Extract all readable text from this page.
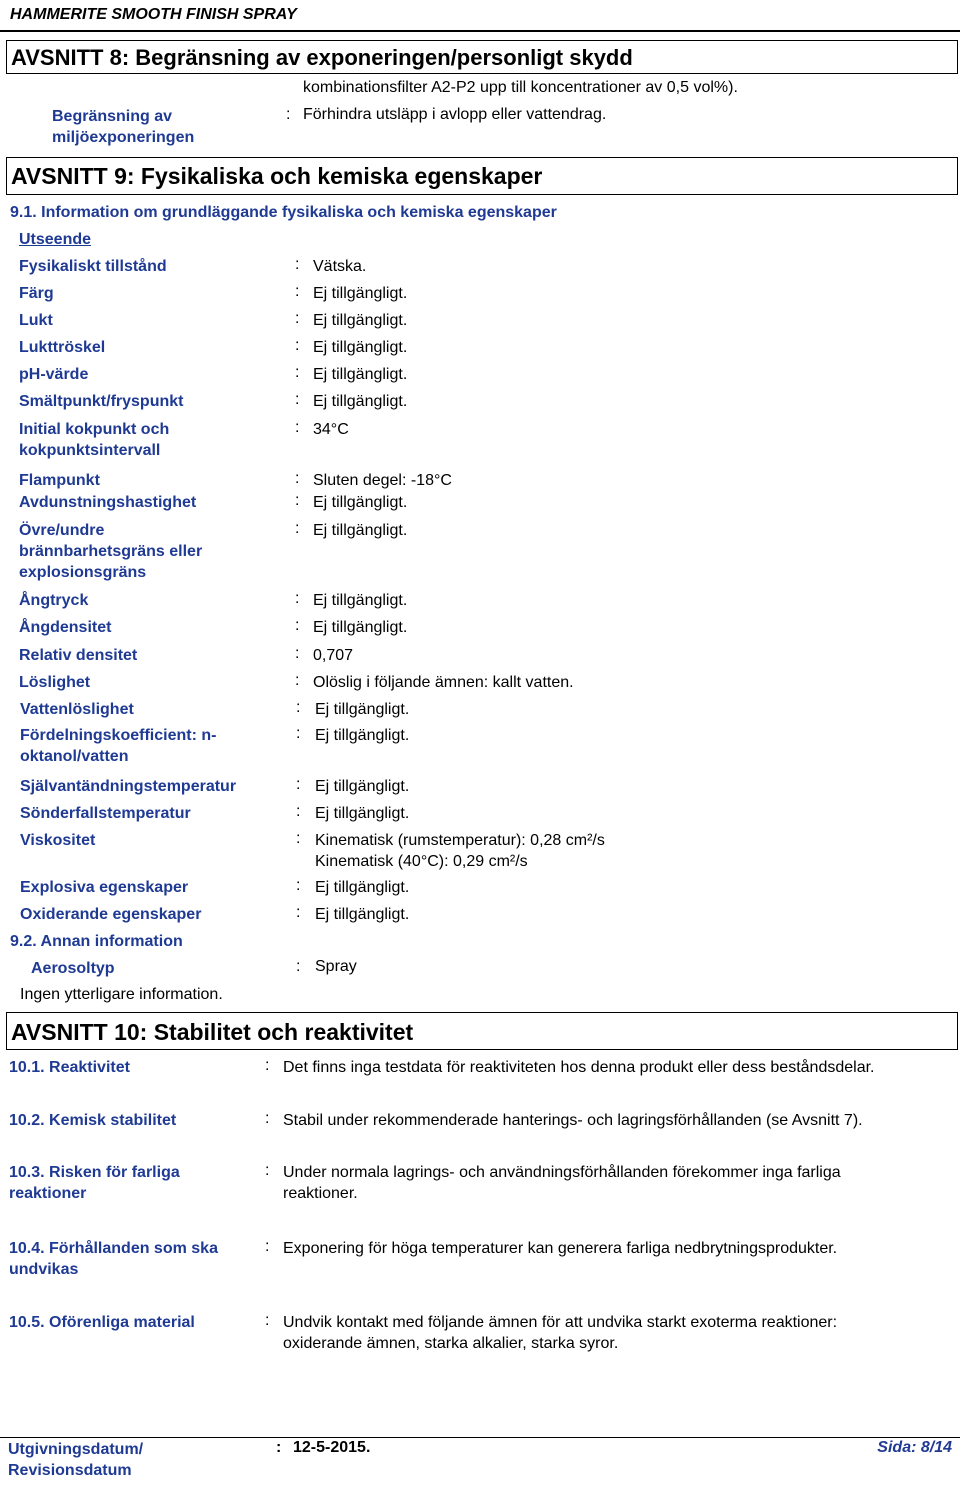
HAMMERITE SMOOTH FINISH SPRAY
AVSNITT 8: Begränsning av exponeringen/personligt skydd
kombinationsfilter A2-P2 upp till koncentrationer av 0,5 vol%).
Begränsning av
miljöexponeringen
: Förhindra utsläpp i avlopp eller vattendrag.
AVSNITT 9: Fysikaliska och kemiska egenskaper
9.1. Information om grundläggande fysikaliska och kemiska egenskaper
Utseende
Fysikaliskt tillstånd	: Vätska.
Färg	: Ej tillgängligt.
Lukt	: Ej tillgängligt.
Lukttröskel	: Ej tillgängligt.
pH-värde	: Ej tillgängligt.
Smältpunkt/fryspunkt	: Ej tillgängligt.
Initial kokpunkt och
kokpunktsintervall
: 34°C
Flampunkt	: Sluten degel: -18°C
Avdunstningshastighet	: Ej tillgängligt.
Övre/undre
brännbarhetsgräns eller
explosionsgräns
: Ej tillgängligt.
Ångtryck	: Ej tillgängligt.
Ångdensitet	: Ej tillgängligt.
Relativ densitet	: 0,707
Löslighet	: Olöslig i följande ämnen: kallt vatten.
Vattenlöslighet	: Ej tillgängligt.
Fördelningskoefficient: n-
oktanol/vatten
: Ej tillgängligt.
Självantändningstemperatur	: Ej tillgängligt.
Sönderfallstemperatur	: Ej tillgängligt.
Viskositet	: Kinematisk (rumstemperatur): 0,28 cm²/s
Kinematisk (40°C): 0,29 cm²/s
Explosiva egenskaper	: Ej tillgängligt.
Oxiderande egenskaper	: Ej tillgängligt.
9.2. Annan information
Aerosoltyp	: Spray
Ingen ytterligare information.
AVSNITT 10: Stabilitet och reaktivitet
10.1. Reaktivitet	: Det finns inga testdata för reaktiviteten hos denna produkt eller dess beståndsdelar.
10.2. Kemisk stabilitet	: Stabil under rekommenderade hanterings- och lagringsförhållanden (se Avsnitt 7).
10.3. Risken för farliga
reaktioner
: Under normala lagrings- och användningsförhållanden förekommer inga farliga
reaktioner.
10.4. Förhållanden som ska
undvikas
: Exponering för höga temperaturer kan generera farliga nedbrytningsprodukter.
10.5. Oförenliga material	: Undvik kontakt med följande ämnen för att undvika starkt exoterma reaktioner:
oxiderande ämnen, starka alkalier, starka syror.
Utgivningsdatum/
Revisionsdatum
: 12-5-2015.	Sida: 8/14
